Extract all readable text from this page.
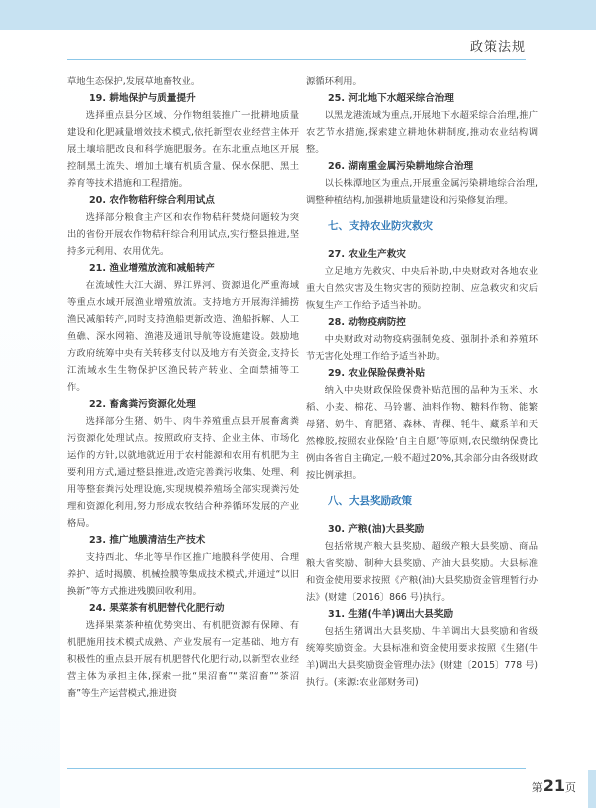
政策法规

草地生态保护,发展草地畜牧业。

19. 耕地保护与质量提升

选择重点县分区域、分作物组装推广一批耕地质量建设和化肥减量增效技术模式,依托新型农业经营主体开展土壤培肥改良和科学施肥服务。在东北重点地区开展控制黑土流失、增加土壤有机质含量、保水保肥、黑土养育等技术措施和工程措施。

20. 农作物秸秆综合利用试点

选择部分粮食主产区和农作物秸秆焚烧问题较为突出的省份开展农作物秸秆综合利用试点,实行整县推进,坚持多元利用、农用优先。

21. 渔业增殖放流和减船转产

在流域性大江大湖、界江界河、资源退化严重海域等重点水域开展渔业增殖放流。支持地方开展海洋捕捞渔民减船转产,同时支持渔船更新改造、渔船拆解、人工鱼礁、深水网箱、渔港及通讯导航等设施建设。鼓励地方政府统筹中央有关转移支付以及地方有关资金,支持长江流域水生生物保护区渔民转产转业、全面禁捕等工作。

22. 畜禽粪污资源化处理

选择部分生猪、奶牛、肉牛养殖重点县开展畜禽粪污资源化处理试点。按照政府支持、企业主体、市场化运作的方针,以就地就近用于农村能源和农用有机肥为主要利用方式,通过整县推进,改造完善粪污收集、处理、利用等整套粪污处理设施,实现规模养殖场全部实现粪污处理和资源化利用,努力形成农牧结合种养循环发展的产业格局。

23. 推广地膜清洁生产技术

支持西北、华北等旱作区推广地膜科学使用、合理养护、适时揭膜、机械捡膜等集成技术模式,并通过“以旧换新”等方式推进残膜回收利用。

24. 果菜茶有机肥替代化肥行动

选择果菜茶种植优势突出、有机肥资源有保障、有机肥施用技术模式成熟、产业发展有一定基础、地方有积极性的重点县开展有机肥替代化肥行动,以新型农业经营主体为承担主体,探索一批“果沼畜”“菜沼畜”“茶沼畜”等生产运营模式,推进资

源循环利用。

25. 河北地下水超采综合治理

以黑龙港流域为重点,开展地下水超采综合治理,推广农艺节水措施,探索建立耕地休耕制度,推动农业结构调整。

26. 湖南重金属污染耕地综合治理

以长株潭地区为重点,开展重金属污染耕地综合治理,调整种植结构,加强耕地质量建设和污染修复治理。

七、支持农业防灾救灾
27. 农业生产救灾

立足地方先救灾、中央后补助,中央财政对各地农业重大自然灾害及生物灾害的预防控制、应急救灾和灾后恢复生产工作给予适当补助。

28. 动物疫病防控

中央财政对动物疫病强制免疫、强制扑杀和养殖环节无害化处理工作给予适当补助。

29. 农业保险保费补贴

纳入中央财政保险保费补贴范围的品种为玉米、水稻、小麦、棉花、马铃薯、油料作物、糖料作物、能繁母猪、奶牛、育肥猪、森林、青稞、牦牛、藏系羊和天然橡胶,按照农业保险‘自主自愿’等原则,农民缴纳保费比例由各省自主确定,一般不超过20%,其余部分由各级财政按比例承担。

八、大县奖励政策
30. 产粮(油)大县奖励

包括常规产粮大县奖励、超级产粮大县奖励、商品粮大省奖励、制种大县奖励、产油大县奖励。大县标准和资金使用要求按照《产粮(油)大县奖励资金管理暂行办法》(财建〔2016〕866 号)执行。

31. 生猪(牛羊)调出大县奖励

包括生猪调出大县奖励、牛羊调出大县奖励和省级统筹奖励资金。大县标准和资金使用要求按照《生猪(牛羊)调出大县奖励资金管理办法》(财建〔2015〕778 号)执行。(来源:农业部财务司)

第21页
